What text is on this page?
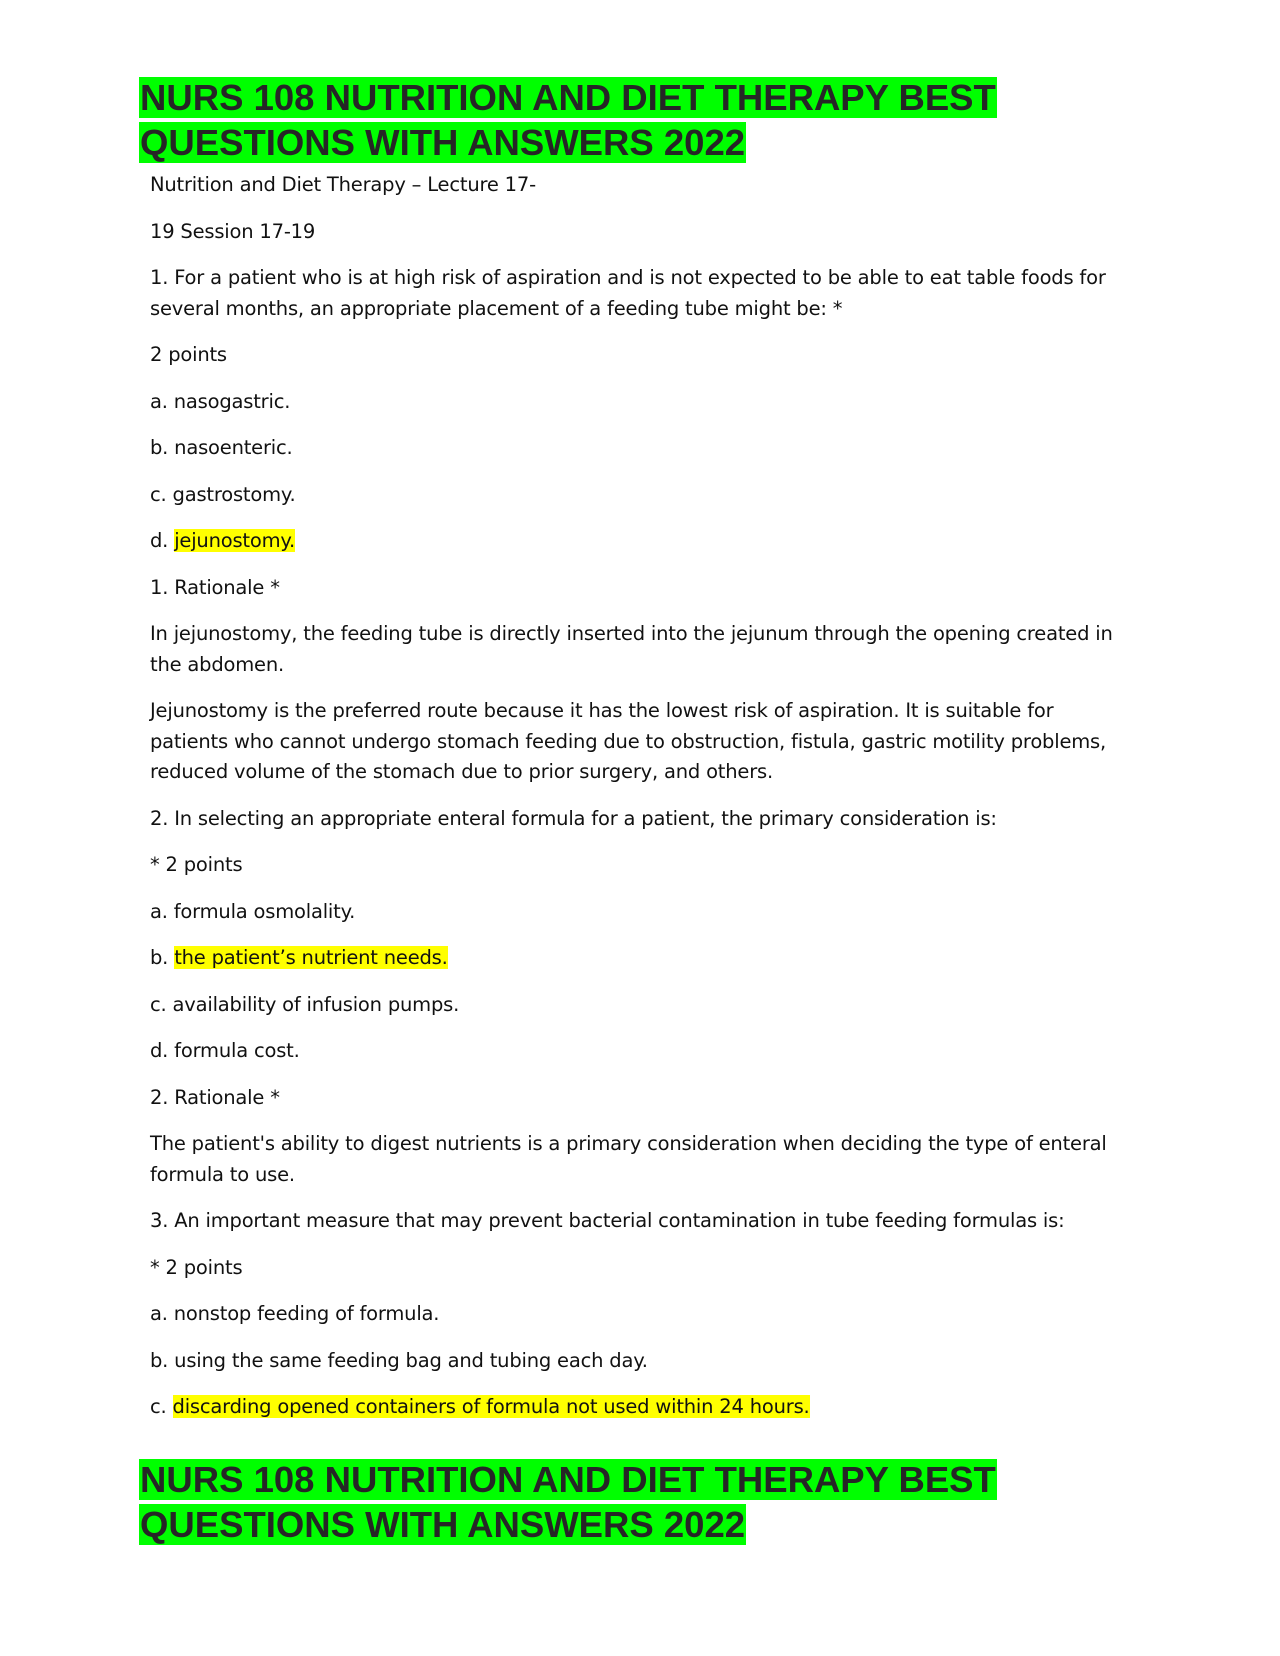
NURS 108 NUTRITION AND DIET THERAPY BEST
QUESTIONS WITH ANSWERS 2022

Nutrition and Diet Therapy – Lecture 17-

19 Session 17-19

1. For a patient who is at high risk of aspiration and is not expected to be able to eat table foods for several months, an appropriate placement of a feeding tube might be: *

2 points

a. nasogastric.

b. nasoenteric.

c. gastrostomy.

d. jejunostomy.

1. Rationale *

In jejunostomy, the feeding tube is directly inserted into the jejunum through the opening created in the abdomen.

Jejunostomy is the preferred route because it has the lowest risk of aspiration. It is suitable for patients who cannot undergo stomach feeding due to obstruction, fistula, gastric motility problems, reduced volume of the stomach due to prior surgery, and others.

2. In selecting an appropriate enteral formula for a patient, the primary consideration is:

* 2 points

a. formula osmolality.

b. the patient’s nutrient needs.

c. availability of infusion pumps.

d. formula cost.

2. Rationale *

The patient's ability to digest nutrients is a primary consideration when deciding the type of enteral formula to use.

3. An important measure that may prevent bacterial contamination in tube feeding formulas is:

* 2 points

a. nonstop feeding of formula.

b. using the same feeding bag and tubing each day.

c. discarding opened containers of formula not used within 24 hours.

NURS 108 NUTRITION AND DIET THERAPY BEST
QUESTIONS WITH ANSWERS 2022
